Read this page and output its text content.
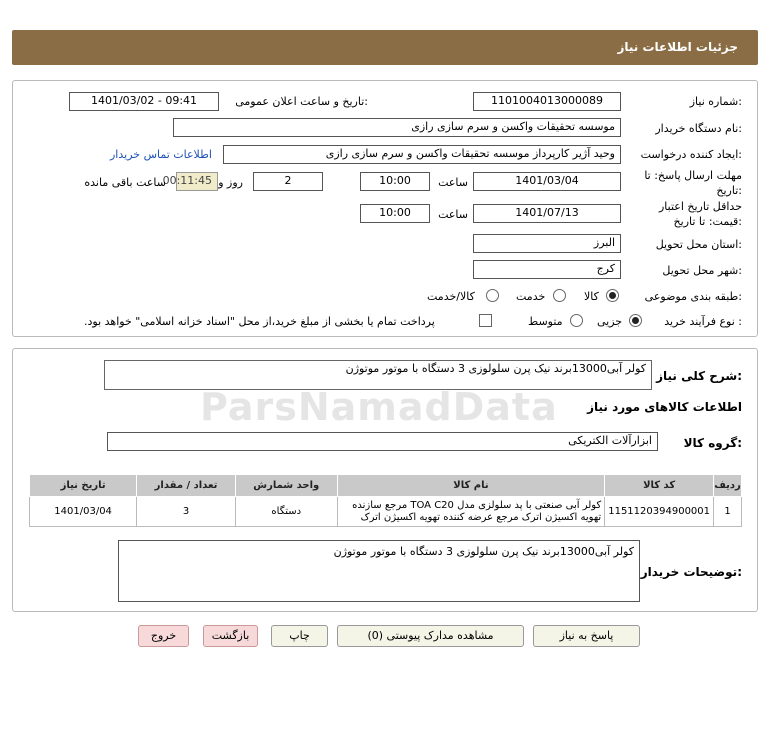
جزئیات اطلاعات نیاز
شماره نیاز:
1101004013000089
تاریخ و ساعت اعلان عمومی:
1401/03/02 - 09:41
نام دستگاه خریدار:
موسسه تحقیقات واکسن و سرم سازی رازی
ایجاد کننده درخواست:
وحید آژیر کارپرداز موسسه تحقیقات واکسن و سرم سازی رازی
اطلاعات تماس خریدار
مهلت ارسال پاسخ: تا
تاریخ:
1401/03/04
ساعت
10:00
2
روز و
00:11:45
ساعت باقی مانده
حداقل تاریخ اعتبار
قیمت: تا تاریخ:
1401/07/13
ساعت
10:00
استان محل تحویل:
البرز
شهر محل تحویل:
کرج
طبقه بندی موضوعی:
کالا
خدمت
کالا/خدمت
نوع فرآیند خرید :
جزیی
متوسط
پرداخت تمام یا بخشی از مبلغ خرید،از محل "اسناد خزانه اسلامی" خواهد بود.
شرح کلی نیاز:
کولر آبی13000برند نیک پرن سلولوزی 3 دستگاه با موتور موتوژن
ParsNamadData اطلاعات کالاهای مورد نیاز
گروه کالا:
ابزارآلات الکتریکی
ردیف	کد کالا	نام کالا	واحد شمارش	تعداد / مقدار	تاریخ نیاز
1	1151120394900001	کولر آبی صنعتی با پد سلولزی مدل TOA C20 مرجع سازنده
تهویه اکسیژن اترک مرجع عرضه کننده تهویه اکسیژن اترک	دستگاه	3	1401/03/04
توضیحات خریدار:
کولر آبی13000برند نیک پرن سلولوزی 3 دستگاه با موتور موتوژن
پاسخ به نیاز
مشاهده مدارک پیوستی (0)
چاپ
بازگشت
خروج
